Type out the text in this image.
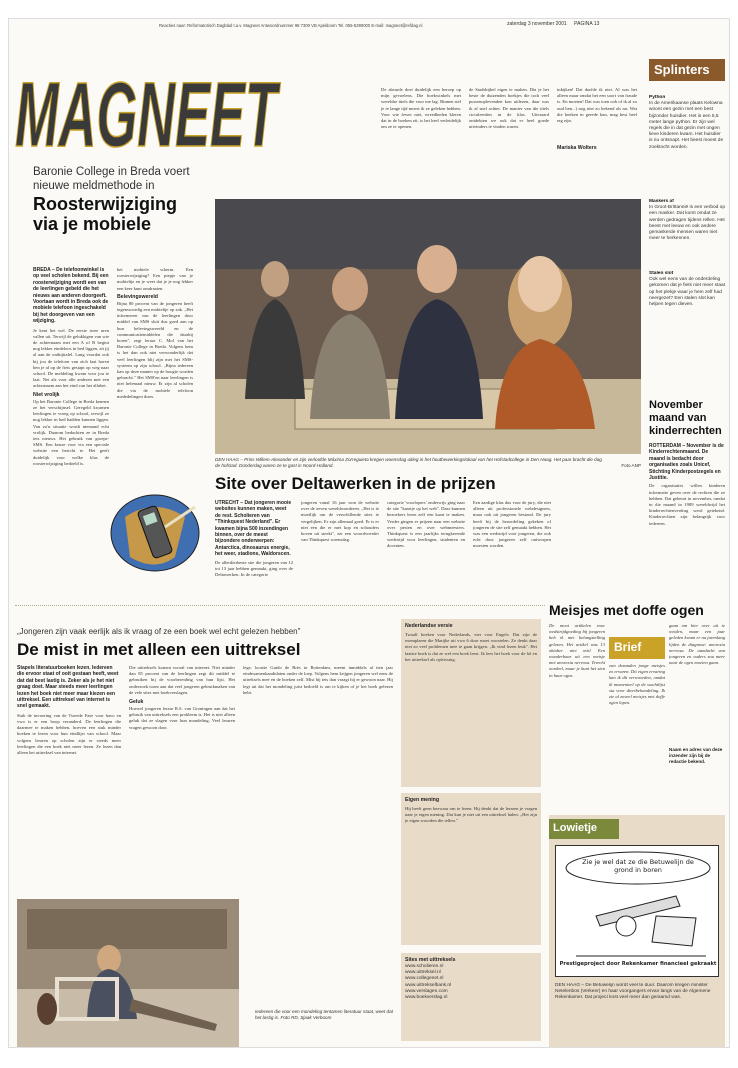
MAGNEET
Reacties naar: Reformatorisch Dagblad t.a.v. Magneet Antwoordnummer 98 7300 VB Apeldoorn Tel. 055-5390000 E-mail: magneet@refdag.nl	zaterdag 3 november 2001 PAGINA 13
Baronie College in Breda voert nieuwe meldmethode in
Roosterwijziging
via je mobiele
BREDA – De telefoonwinkel is op veel scholen bekend. Bij een roosterwijziging wordt een van de leerlingen gebeld die het nieuws aan anderen doorgeeft. Voortaan wordt in Breda ook de mobiele telefoon ingeschakeld bij het doorgeven van een wijziging.
Je kent het wel. De eerste twee uren vallen uit. Terwijl de gelukkigen van wie de achternaam met een A of B begint nog lekker eindeloos in bed liggen, zit jij al aan de ontbijttafel. Lang voordat ook bij jou de telefoon van zich laat horen ben je al op de fiets gestapt op weg naar school. De meldeling kwam voor jou te laat. Net als voor alle anderen met een achternaam aan het eind van het alfabet.
Niet vrolijk
Op het Baronie College in Breda kennen ze het verschijnsel. Geregeld kwamen leerlingen te vroeg op school, terwijl ze nog lekker in bed hadden kunnen liggen. Van zo'n situatie wordt niemand echt vrolijk. Daarom bedachten ze in Breda iets nieuws. Het gebruik van groeps-SMS. Een keuze voor via een speciale website een bericht te. Het geeft duidelijk voor welke klas de roosterwijziging bedoeld is.
het mobiele scherm. Een roosterwijziging? Een piepje van je mobieltje en je weet dat je je nog lekker een keer kunt omdraaien.
Belevingswereld
Bijna 80 procent van de jongeren heeft tegenwoordig een mobieltje op zak. „Het informeren van de leerlingen door middel van SMS sluit dus goed aan op hun belevingswereld en de communicatiemiddelen die daarbij horen", zegt leraar C. Mol van het Baronie College in Breda. Volgens hem is het dan ook niet verwonderlijk dat veel leerlingen blij zijn met het SMS-systeem op zijn school. „Bijna iedereen kan op deze manier op de hoogte worden gebracht." Het SMS'en naar leerlingen is niet helemaal nieuw. Er zijn al scholen die via de mobiele telefoon mededelingen doen.
De absurde doet duidelijk een beroep op mijn gevoelens. Die boekwinkels met wereldse titels die voor me lag. Binnen stel je te lange tijd moest ik ze geleken hebben. Voor wie fewer niet, wreedheden kleren dat in de boeken zit, is het heel verleidelijk om ze te openen.
de Stadsbijbel eigen te maken. Dia je het beste de duizenden boekjes die toch veel pursenoplevenden kon uitlezen, daar was ik al snel achter. De manier van die titels circuleerden in de klas. Uiteraard ontdekten we ook dat er heel goede uitvinders te vinden waren.
inkijken! Dat durfde ik niet. Al was het alleen maar omdat het een soort van fraude is. En moeten! Dat was toen ook of ik al zo oud ben...) nog niet zo bekend als nu. Wat die boeken in gerede kan, mag best heel erg zijn.
Mariska Wolters
DEN HAAG – Prins Willem-Alexander en zijn verloofde Máxima Zorreguieta kregen woensdag uitleg in het houtbewerkingslokaal van het Hofstadcollege in Den Haag. Het paar bracht die dag de hofstad. Donderdag waren ze te gast in Noord-Holland.	Foto ANP
Site over Deltawerken in de prijzen
UTRECHT – Dat jongeren mooie websites kunnen maken, weet de rest. Scholieren van "Thinkquest Nederland". Er kwamen bijna 500 inzendingen binnen, over de meest bijzondere onderwerpen: Antarctica, dinosaurus energie, het weer, stadions, Waldorscen.
De allerdierbeste site die jongeren van 12 tot 13 jaar hebben gemaakt, ging over de Deltawerken. In de categorie
jongeren vanaf 16 jaar won de website over de zeven wereldwonderen. „Het is te moeilijk om de verschillende sites te vergelijken. Er zijn allemaal goed. Er is er niet een die er met kop en schouders boven uit steekt", zei een woordvoerder van Thinkquest woensdag.
categorie 'voorlopers' onderwijs ging naar de site "kaartje op het web". Daar kunnen bezoekers leren zelf een kaart te maken. Verder gingen er prijzen naar een website over pesten en over webmeesters. Thinkquest is een jaarlijks terugkerende wedstrijd voor leerlingen, studenten en docenten.
Een aardige klas dus voor de jury, die niet alleen uit professionele webdesigners, maar ook uit jongeren bestond. De jury heeft bij de beoordeling gekeken of jongeren de site zelf gemaakt hebben. Het was een wedstrijd voor jongeren, die ook echt door jongeren zelf ontworpen moesten worden.
Splinters
Python
In de Amerikaanse plaats Kelowna woont een gezin met een best bijzonder huisdier. Het is een 5,5 meter lange python. Er zijn wel regels die in dat gezin met ongen lieve kinderen kwam. Het huisdier is nu ontsnapt. Het beest moest de zoektocht worden.
Maskers af
In Groot-Brittannië is een verbod op een masker. Dat komt omdat ze werden gedragen tijdens rellen. Het beest met leeuw en ook andere gemaskerde mensen waren niet meer te herkennen.
Stalen slot
Ook wel eens van de onderdeling gekomen dat je fiets niet meer staat op het plekje waar je hem zelf had neergezet? Een stalen slot kan helpen tegen dieven.
November
maand van
kinderrechten
ROTTERDAM – November is de Kinderrechtenmaand. De maand is bedacht door organisaties zoals Unicef, Stichting Kinderpostzegels en Justitie.
De organisaties willen kinderen informatie geven over de rechten die ze hebben. Dat gebeurt in november, omdat in die maand in 1989 wereldwijd het kinderrechtenverdrag werd getekend. Kinderrechten zijn belangrijk voor iedereen.
„Jongeren zijn vaak eerlijk als ik vraag of ze een boek wel echt gelezen hebben"
De mist in met alleen een uittreksel
Stapels literatuurboeken lezen. Iedereen die ervoor staat of ooit gestaan heeft, weet dat dat best lastig is. Zeker als je het niet graag doet. Maar steeds meer leerlingen lezen het boek niet meer maar kiezen een uittreksel. Een uittreksel van internet is snel gemaakt.
Stuk de invoering van de Tweede Fase voor havo en vwo is er een boop veranderd. De leerlingen die daarmee te maken hebben, hoeven een stuk minder boeken te lezen voor hun eindlijst van school. Maar volgens leraren op scholen zijn er steeds meer leerlingen die een boek niet meer lezen. Ze lezen dan alleen het uittreksel van internet.
Die uittreksels komen vooral van internet. Niet minder dan 85 procent van de leerlingen zegt dit middel te gebruiken bij de voorbereiding van hun lijst. Het onderzoek toont aan dat veel jongeren gebruikmaken van de vele sites met boekverslagen.
Geluk
Hoewel jongeren leraar R.S. van Groningen aan dat het gebruik van uittreksels een probleem is. Het is niet alleen geluk dat ze slagen voor hun mondeling. Veel leraren vragen gewoon door.
lege, locatie Guido de Brès in Rotterdam, meent inmiddels al tien jaar eindexamenkandidaten onder de loep. Volgens hem krijgen jongeren wel eens de uitreksels mee en de boeken zelf. Mist hij iets dan vraagt hij er gewoon naar. Hij legt uit dat het mondeling juist bedoeld is om te kijken of je het boek gelezen hebt.
Iedereen die voor een mondeling tentamen literatuur staat, weet dat het lastig is. Foto RD, Sjaak Verboom
Nederlandse versie
Twaalf boeken voor Nederlands, vier voor Engels. Dat zijn de exemplaren die Marijke uit vwo 6 door moet worstelen. Ze denkt daar niet zo veel problemen mee te gaan krijgen. „Ik vind lezen leuk". Het laatste boek is dat ze wel een boek leest. Ik lees het boek voor de lol en het uittreksel als opfrissing.
Eigen mening
Hij heeft geen bezwaar om te lezen. Hij denkt dat de leraren je vragen naar je eigen mening. Dat kun je niet uit een uittreksel halen. „Het zijn je eigen woorden die tellen."
Sites met uittreksels
www.scholieren.nl
www.uittreksel.nl
www.collegenet.nl
www.uittrekselbank.nl
www.verslagen.com
www.boekverslag.nl
Meisjes met doffe ogen
De mooi artikelen voor wedstrijdgoeding bij jongeren heb ik met belangstelling gelezen. Het artikel was 13 oktober niet mis! Een wonderbaar uit een meisje met anorexia nervosa. Terecht oordeel, maar je kunt het zien in haar ogen.
Brief
van dezanden jonge meisjes zo ervaren. Dit eigen ervaring kan ik dit verwoorden, omdat ik momenteel op de wachtlijst sta voor dieetbehandeling. Ik zie al zoveel meisjes met doffe ogen lopen.
gaan om hier over uit te weiden, maar een jaar geleden kwam er na jarenlang lijden de diagnose: anorexia nervosa. De aandacht van jongeren en ouders zou meer naar de ogen moeten gaan.
Naam en adres van deze inzender zijn bij de redactie bekend.
Lowietje
Zie je wel dat ze die Betuwelijn de grond in boren
Prestigeproject door Rekenkamer financieel gekraakt
DEN HAAG – De Betuwelijn wordt veel te duur. Daarom kregen minister Netelenbos (Verkeer) en haar voorgangers ervan langs van de Algemene Rekenkamer. Dat project kost veel meer dan geraamd was.
